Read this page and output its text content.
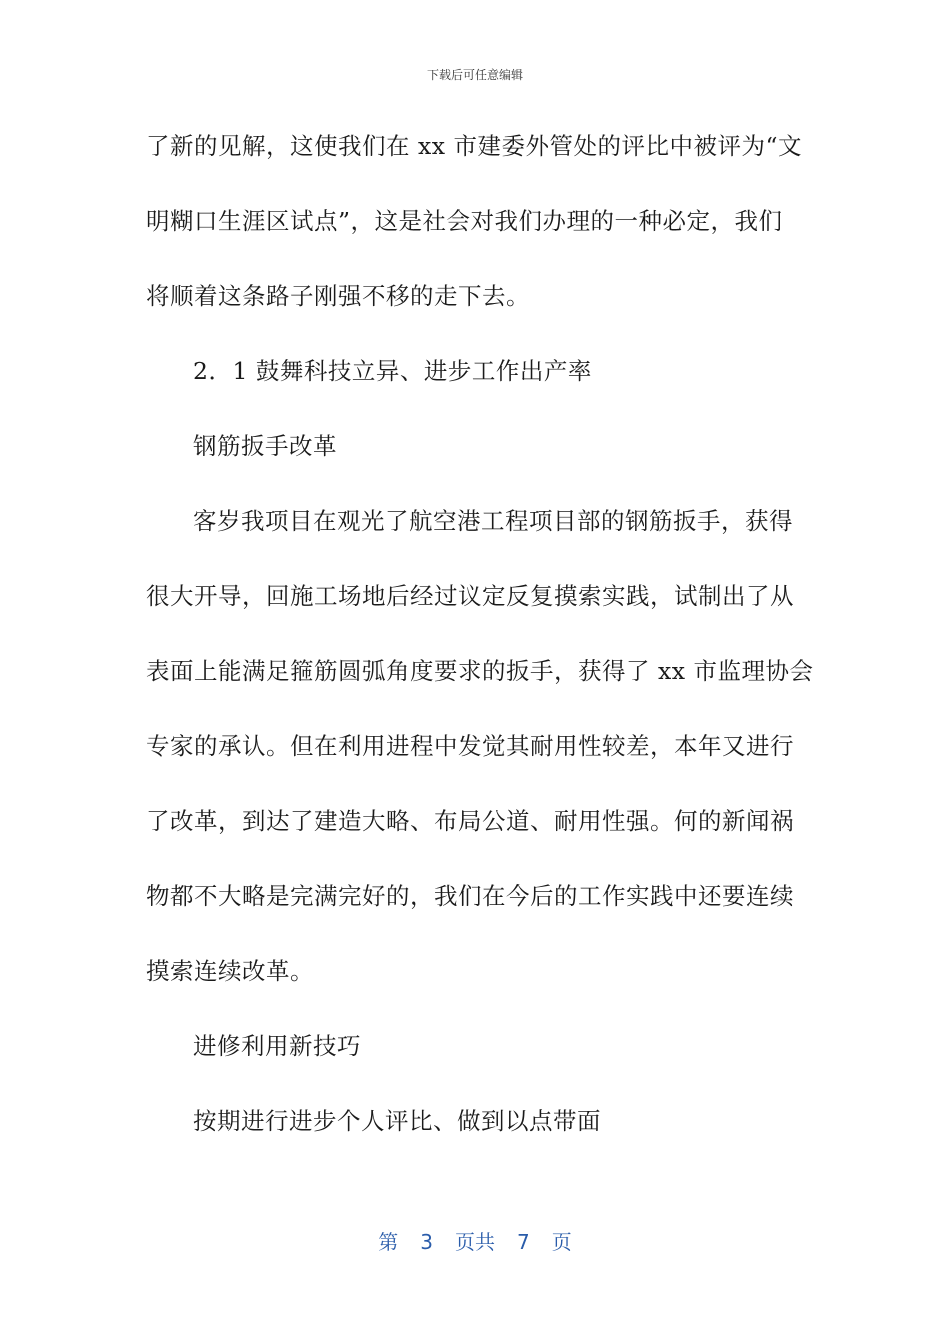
下载后可任意编辑
了新的见解，这使我们在 xx 市建委外管处的评比中被评为“文
明糊口生涯区试点”，这是社会对我们办理的一种必定，我们
将顺着这条路子刚强不移的走下去。
2．1 鼓舞科技立异、进步工作出产率
钢筋扳手改革
客岁我项目在观光了航空港工程项目部的钢筋扳手，获得
很大开导，回施工场地后经过议定反复摸索实践，试制出了从
表面上能满足箍筋圆弧角度要求的扳手，获得了 xx 市监理协会
专家的承认。但在利用进程中发觉其耐用性较差，本年又进行
了改革，到达了建造大略、布局公道、耐用性强。何的新闻祸
物都不大略是完满完好的，我们在今后的工作实践中还要连续
摸索连续改革。
进修利用新技巧
按期进行进步个人评比、做到以点带面
第 3 页共 7 页
